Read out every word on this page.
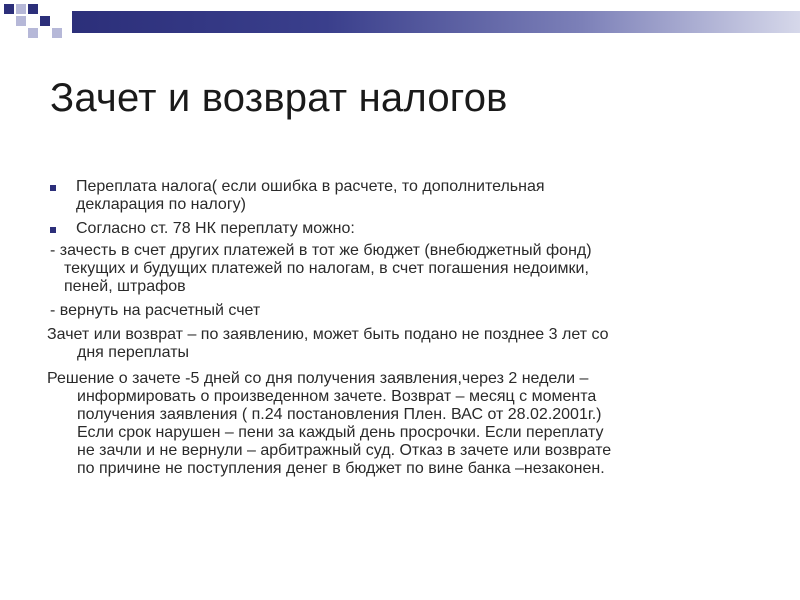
Зачет и возврат налогов

Переплата налога( если ошибка в расчете, то дополнительная
декларация по налогу)

Согласно ст. 78 НК переплату можно:

- зачесть в счет других платежей в тот же бюджет (внебюджетный фонд)
текущих и будущих платежей по налогам, в счет погашения недоимки,
пеней, штрафов

- вернуть на расчетный счет

Зачет или возврат – по заявлению, может быть подано не позднее 3 лет со
дня переплаты

Решение о зачете -5 дней со дня получения заявления,через 2 недели –
информировать о произведенном зачете. Возврат – месяц с момента
получения заявления ( п.24 постановления Плен. ВАС от 28.02.2001г.)
Если срок нарушен – пени за каждый день просрочки. Если переплату
не зачли и не вернули – арбитражный суд. Отказ в зачете или возврате
по причине не поступления денег в бюджет по вине банка –незаконен.
